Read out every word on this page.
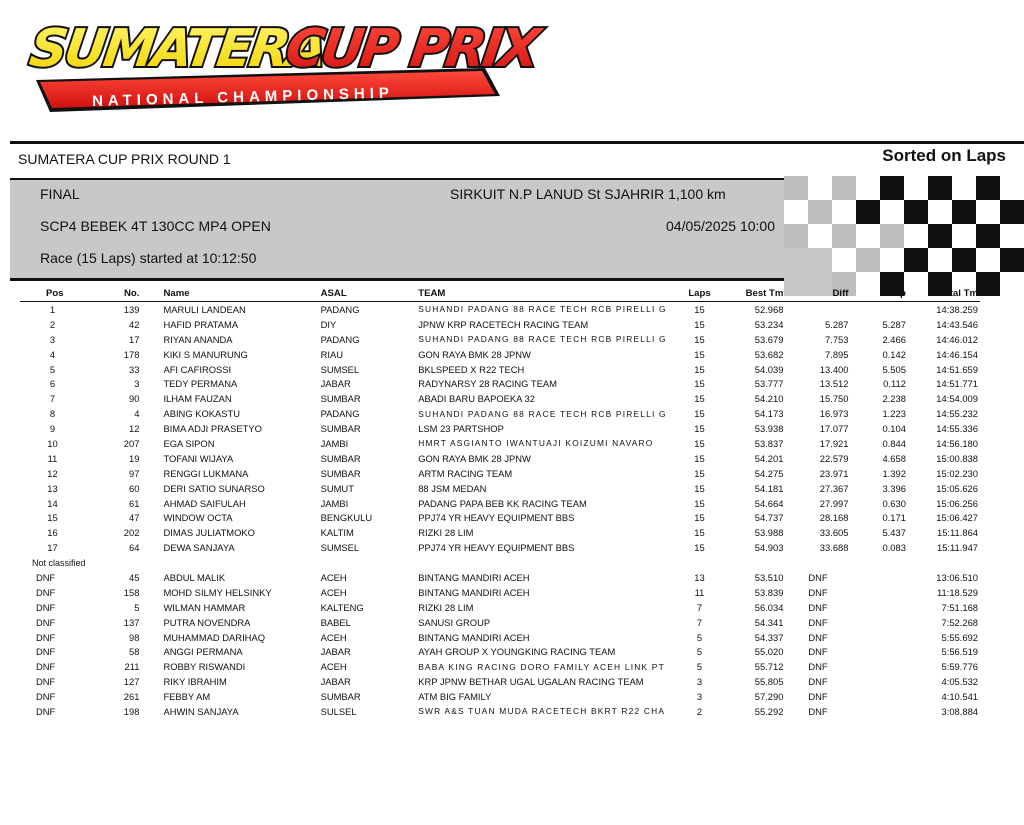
NATIONAL CHAMPIONSHIP
SUMATERA
CUP PRIX
SUMATERA CUP PRIX ROUND 1	Sorted on Laps
FINAL	SIRKUIT N.P LANUD St SJAHRIR 1,100 km
SCP4 BEBEK 4T 130CC MP4 OPEN	04/05/2025 10:00
Race (15 Laps) started at 10:12:50
Pos	No.	Name	ASAL	TEAM	Laps	Best Tm	Diff	Gap	Total Tm
1	139	MARULI LANDEAN	PADANG	SUHANDI PADANG 88 RACE TECH RCB PIRELLI G	15	52.968			14:38.259
2	42	HAFID PRATAMA	DIY	JPNW KRP RACETECH RACING TEAM	15	53.234	5.287	5.287	14:43.546
3	17	RIYAN ANANDA	PADANG	SUHANDI PADANG 88 RACE TECH RCB PIRELLI G	15	53.679	7.753	2.466	14:46.012
4	178	KIKI S MANURUNG	RIAU	GON RAYA BMK 28 JPNW	15	53.682	7.895	0.142	14:46.154
5	33	AFI CAFIROSSI	SUMSEL	BKLSPEED X R22 TECH	15	54.039	13.400	5.505	14:51.659
6	3	TEDY PERMANA	JABAR	RADYNARSY 28 RACING TEAM	15	53.777	13.512	0.112	14:51.771
7	90	ILHAM FAUZAN	SUMBAR	ABADI BARU BAPOEKA 32	15	54.210	15.750	2.238	14:54.009
8	4	ABING KOKASTU	PADANG	SUHANDI PADANG 88 RACE TECH RCB PIRELLI G	15	54.173	16.973	1.223	14:55.232
9	12	BIMA ADJI PRASETYO	SUMBAR	LSM 23 PARTSHOP	15	53.938	17.077	0.104	14:55.336
10	207	EGA SIPON	JAMBI	HMRT ASGIANTO IWANTUAJI KOIZUMI NAVARO	15	53.837	17.921	0.844	14:56.180
11	19	TOFANI WIJAYA	SUMBAR	GON RAYA BMK 28 JPNW	15	54.201	22.579	4.658	15:00.838
12	97	RENGGI LUKMANA	SUMBAR	ARTM RACING TEAM	15	54.275	23.971	1.392	15:02.230
13	60	DERI SATIO SUNARSO	SUMUT	88 JSM MEDAN	15	54.181	27.367	3.396	15:05.626
14	61	AHMAD SAIFULAH	JAMBI	PADANG PAPA BEB KK RACING TEAM	15	54.664	27.997	0.630	15:06.256
15	47	WINDOW OCTA	BENGKULU	PPJ74 YR HEAVY EQUIPMENT BBS	15	54.737	28.168	0.171	15:06.427
16	202	DIMAS JULIATMOKO	KALTIM	RIZKI 28 LIM	15	53.988	33.605	5.437	15:11.864
17	64	DEWA SANJAYA	SUMSEL	PPJ74 YR HEAVY EQUIPMENT BBS	15	54.903	33.688	0.083	15:11.947
Not classified									
DNF	45	ABDUL MALIK	ACEH	BINTANG MANDIRI ACEH	13	53.510	DNF		13:06.510
DNF	158	MOHD SILMY HELSINKY	ACEH	BINTANG MANDIRI ACEH	11	53.839	DNF		11:18.529
DNF	5	WILMAN HAMMAR	KALTENG	RIZKI 28 LIM	7	56.034	DNF		7:51.168
DNF	137	PUTRA NOVENDRA	BABEL	SANUSI GROUP	7	54.341	DNF		7:52.268
DNF	98	MUHAMMAD DARIHAQ	ACEH	BINTANG MANDIRI ACEH	5	54.337	DNF		5:55.692
DNF	58	ANGGI PERMANA	JABAR	AYAH GROUP X YOUNGKING RACING TEAM	5	55.020	DNF		5:56.519
DNF	211	ROBBY RISWANDI	ACEH	BABA KING RACING DORO FAMILY ACEH LINK PT	5	55.712	DNF		5:59.776
DNF	127	RIKY IBRAHIM	JABAR	KRP JPNW BETHAR UGAL UGALAN RACING TEAM	3	55.805	DNF		4:05.532
DNF	261	FEBBY AM	SUMBAR	ATM BIG FAMILY	3	57.290	DNF		4:10.541
DNF	198	AHWIN SANJAYA	SULSEL	SWR A&S TUAN MUDA RACETECH BKRT R22 CHA	2	55.292	DNF		3:08.884
